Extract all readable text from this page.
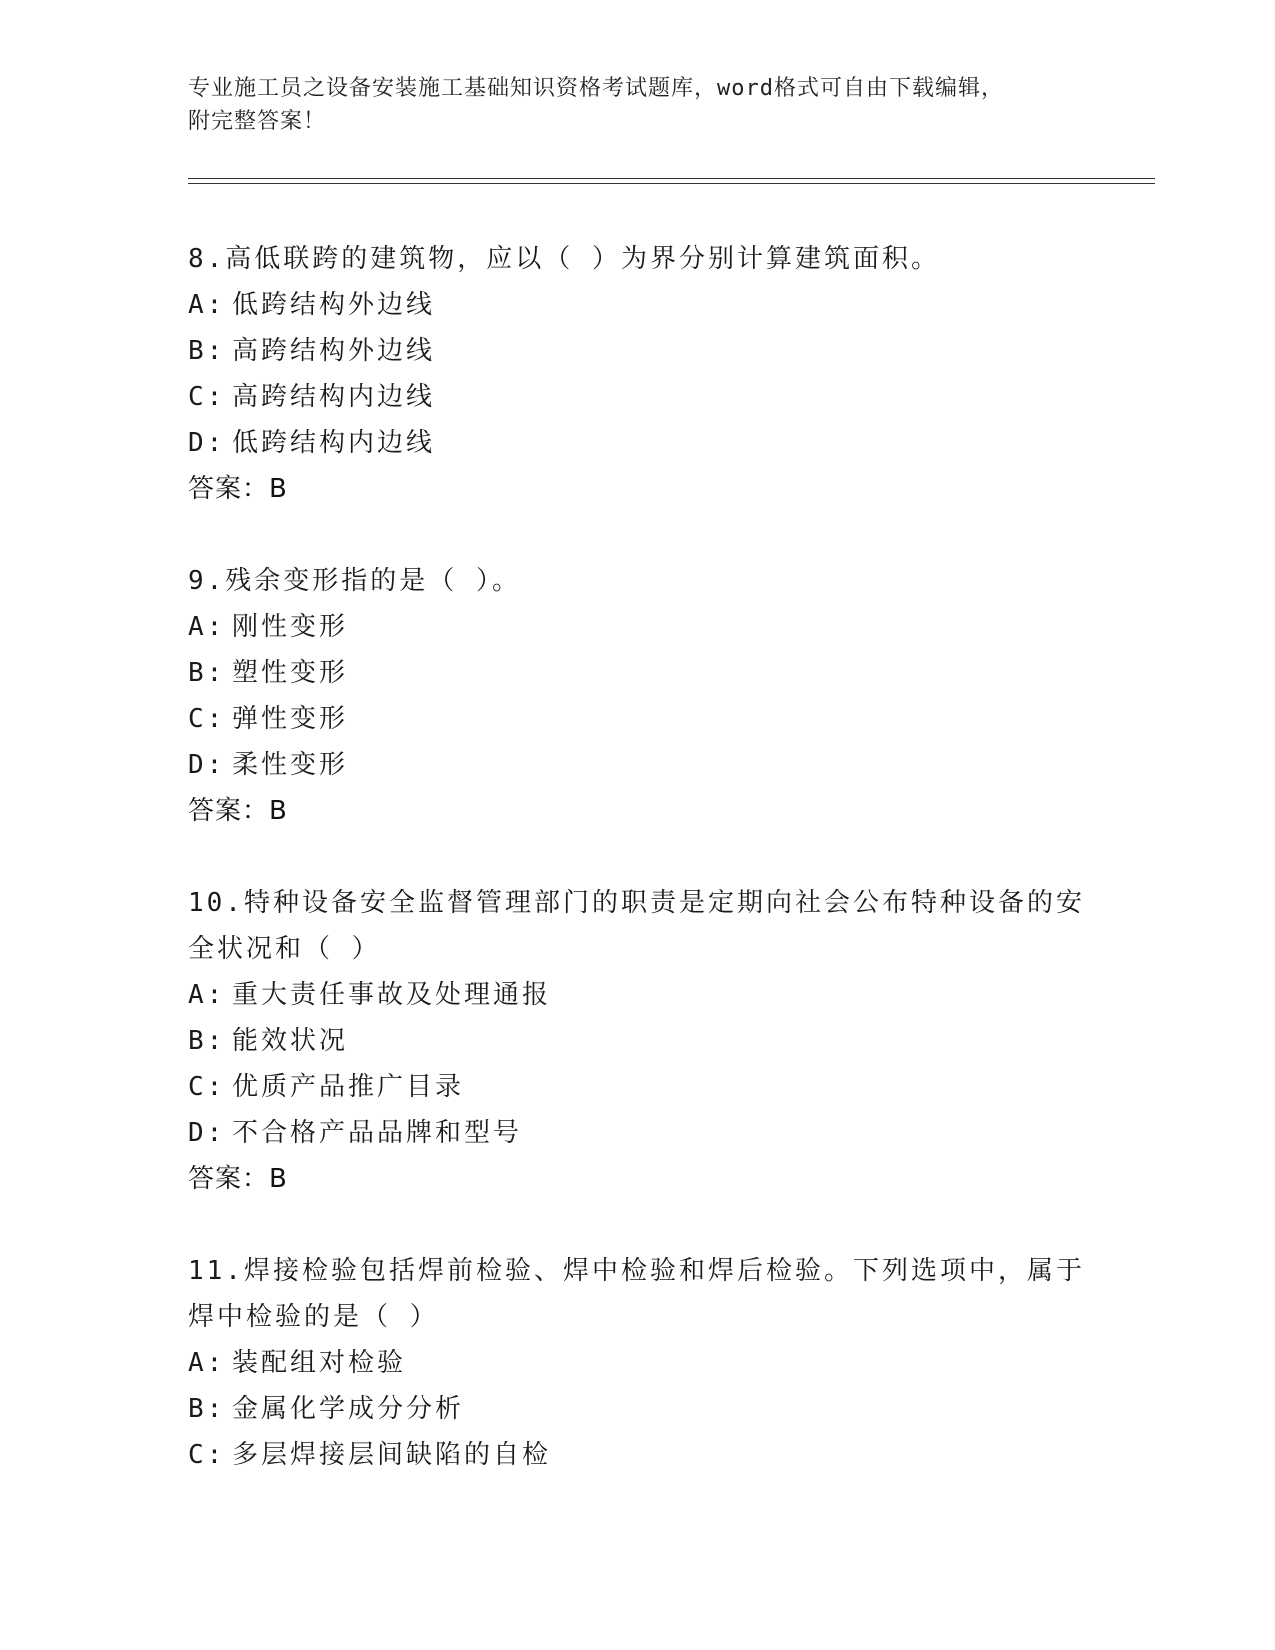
专业施工员之设备安装施工基础知识资格考试题库，word格式可自由下载编辑，
附完整答案！
8.高低联跨的建筑物，应以（ ）为界分别计算建筑面积。
A: 低跨结构外边线
B: 高跨结构外边线
C: 高跨结构内边线
D: 低跨结构内边线
答案：B
9.残余变形指的是（ ）。
A: 刚性变形
B: 塑性变形
C: 弹性变形
D: 柔性变形
答案：B
10.特种设备安全监督管理部门的职责是定期向社会公布特种设备的安全状况和（ ）
A: 重大责任事故及处理通报
B: 能效状况
C: 优质产品推广目录
D: 不合格产品品牌和型号
答案：B
11.焊接检验包括焊前检验、焊中检验和焊后检验。下列选项中，属于焊中检验的是（ ）
A: 装配组对检验
B: 金属化学成分分析
C: 多层焊接层间缺陷的自检
